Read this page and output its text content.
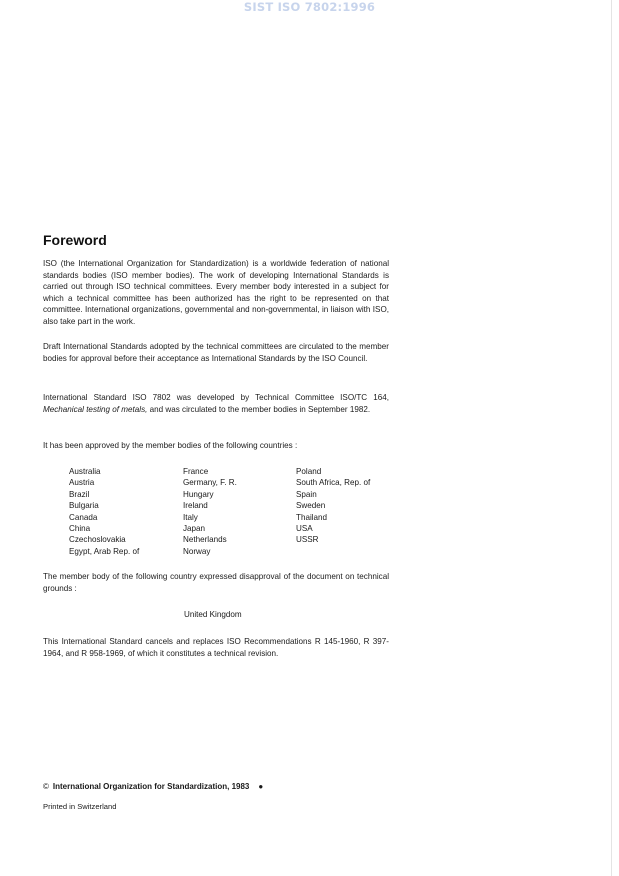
SIST ISO 7802:1996
Foreword

ISO (the International Organization for Standardization) is a worldwide federation of national standards bodies (ISO member bodies). The work of developing International Standards is carried out through ISO technical committees. Every member body interested in a subject for which a technical committee has been authorized has the right to be represented on that committee. International organizations, governmental and non-governmental, in liaison with ISO, also take part in the work.

Draft International Standards adopted by the technical committees are circulated to the member bodies for approval before their acceptance as International Standards by the ISO Council.

International Standard ISO 7802 was developed by Technical Committee ISO/TC 164, Mechanical testing of metals, and was circulated to the member bodies in September 1982.

It has been approved by the member bodies of the following countries :

Australia
Austria
Brazil
Bulgaria
Canada
China
Czechoslovakia
Egypt, Arab Rep. of
France
Germany, F. R.
Hungary
Ireland
Italy
Japan
Netherlands
Norway
Poland
South Africa, Rep. of
Spain
Sweden
Thailand
USA
USSR

The member body of the following country expressed disapproval of the document on technical grounds :

United Kingdom

This International Standard cancels and replaces ISO Recommendations R 145-1960, R 397-1964, and R 958-1969, of which it constitutes a technical revision.

© International Organization for Standardization, 1983 ●
Printed in Switzerland
